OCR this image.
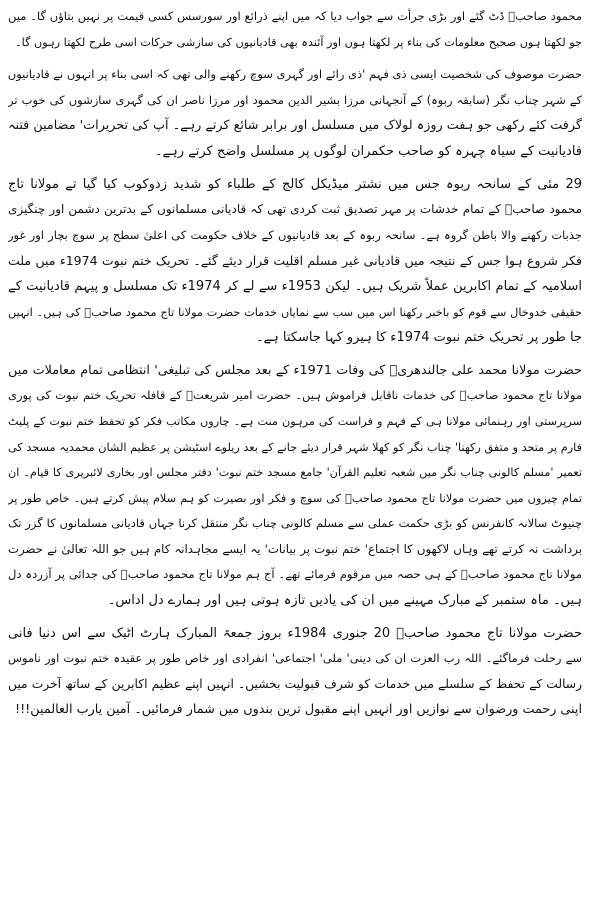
محمود صاحبؒ ڈٹ گئے اور بڑی جرأت سے جواب دیا کہ میں اپنے ذرائع اور سورسس کسی قیمت پر نہیں بتاؤں گا۔ میں
جو لکھتا ہوں صحیح معلومات کی بناء پر لکھتا ہوں اور آئندہ بھی قادیانیوں کی سازشی حرکات اسی طرح لکھتا رہوں گا۔
حضرت موصوف کی شخصیت ایسی ذی فہم 'ذی رائے اور گہری سوچ رکھنے والی تھی کہ اسی بناء پر انہوں نے قادیانیوں
کے شہر چناب نگر (سابقہ ربوہ) کے آنجہانی مرزا بشیر الدین محمود اور مرزا ناصر ان کی گہری سازشوں کی خوب تر
گرفت کئے رکھی جو ہفت روزہ لولاک میں مسلسل اور برابر شائع کرتے رہے۔ آپ کی تحریرات' مضامین فتنہ
قادیانیت کے سیاہ چہرہ کو صاحب حکمران لوگوں پر مسلسل واضح کرتے رہے۔
29 مئی کے سانحہ ربوہ جس میں نشتر میڈیکل کالج کے طلباء کو شدید زدوکوب کیا گیا تے مولانا تاج
محمود صاحبؒ کے تمام خدشات پر مہر تصدیق ثبت کردی تھی کہ قادیانی مسلمانوں کے بدترین دشمن اور چنگیزی
جذبات رکھنے والا باطن گروہ ہے۔ سانحہ ربوہ کے بعد قادیانیوں کے خلاف حکومت کی اعلیٰ سطح پر سوچ بچار اور غور
فکر شروع ہوا جس کے نتیجہ میں قادیانی غیر مسلم اقلیت قرار دیئے گئے۔ تحریک ختم نبوت 1974ء میں ملت
اسلامیہ کے تمام اکابرین عملاً شریک ہیں۔ لیکن 1953ء سے لے کر 1974ء تک مسلسل و پیہم قادیانیت کے
حقیقی خدوخال سے قوم کو باخبر رکھنا اس میں سب سے نمایاں خدمات حضرت مولانا تاج محمود صاحبؒ کی ہیں۔ انہیں
جا طور پر تحریک ختم نبوت 1974ء کا ہیرو کہا جاسکتا ہے۔
حضرت مولانا محمد علی جالندھریؒ کی وفات 1971ء کے بعد مجلس کی تبلیغی' انتظامی تمام معاملات میں
مولانا تاج محمود صاحبؒ کی خدمات ناقابل فراموش ہیں۔ حضرت امیر شریعتؒ کے قافلہ تحریک ختم نبوت کی پوری
سرپرستی اور رہنمائی مولانا ہی کے فہم و فراست کی مرہون منت ہے۔ چاروں مکاتب فکر کو تحفظ ختم نبوت کے پلیٹ
فارم پر متحد و متفق رکھنا' چناب نگر کو کھلا شہر قرار دیئے جانے کے بعد ریلوے اسٹیشن پر عظیم الشان محمدیہ مسجد کی
تعمیر 'مسلم کالونی چناب نگر میں شعبہ تعلیم القرآن' جامع مسجد ختم نبوت' دفتر مجلس اور بخاری لائبریری کا قیام۔ ان
تمام چیزوں میں حضرت مولانا تاج محمود صاحبؒ کی سوچ و فکر اور بصیرت کو ہم سلام پیش کرتے ہیں۔ خاص طور پر
چنیوٹ سالانہ کانفرنس کو بڑی حکمت عملی سے مسلم کالونی چناب نگر منتقل کرنا جہاں قادیانی مسلمانوں کا گزر تک
برداشت نہ کرتے تھے وہاں لاکھوں کا اجتماع' ختم نبوت پر بیانات' یہ ایسے مجاہدانہ کام ہیں جو اللہ تعالیٰ نے حضرت
مولانا تاج محمود صاحبؒ کے ہی حصہ میں مرقوم فرمائے تھے۔ آج ہم مولانا تاج محمود صاحبؒ کی جدائی پر آزردہ دل
ہیں۔ ماہ ستمبر کے مبارک مہینے میں ان کی یادیں تازہ ہوتی ہیں اور ہمارے دل اداس۔
حضرت مولانا تاج محمود صاحبؒ 20 جنوری 1984ء بروز جمعۃ المبارک ہارٹ اٹیک سے اس دنیا فانی
سے رحلت فرماگئے۔ اللہ رب العزت ان کی دینی' ملی' اجتماعی' انفرادی اور خاص طور پر عقیدہ ختم نبوت اور ناموس
رسالت کے تحفظ کے سلسلے میں خدمات کو شرف قبولیت بخشیں۔ انہیں اپنے عظیم اکابرین کے ساتھ آخرت میں
اپنی رحمت ورضوان سے نوازیں اور انہیں اپنے مقبول ترین بندوں میں شمار فرمائیں۔ آمین یارب العالمین!!!
